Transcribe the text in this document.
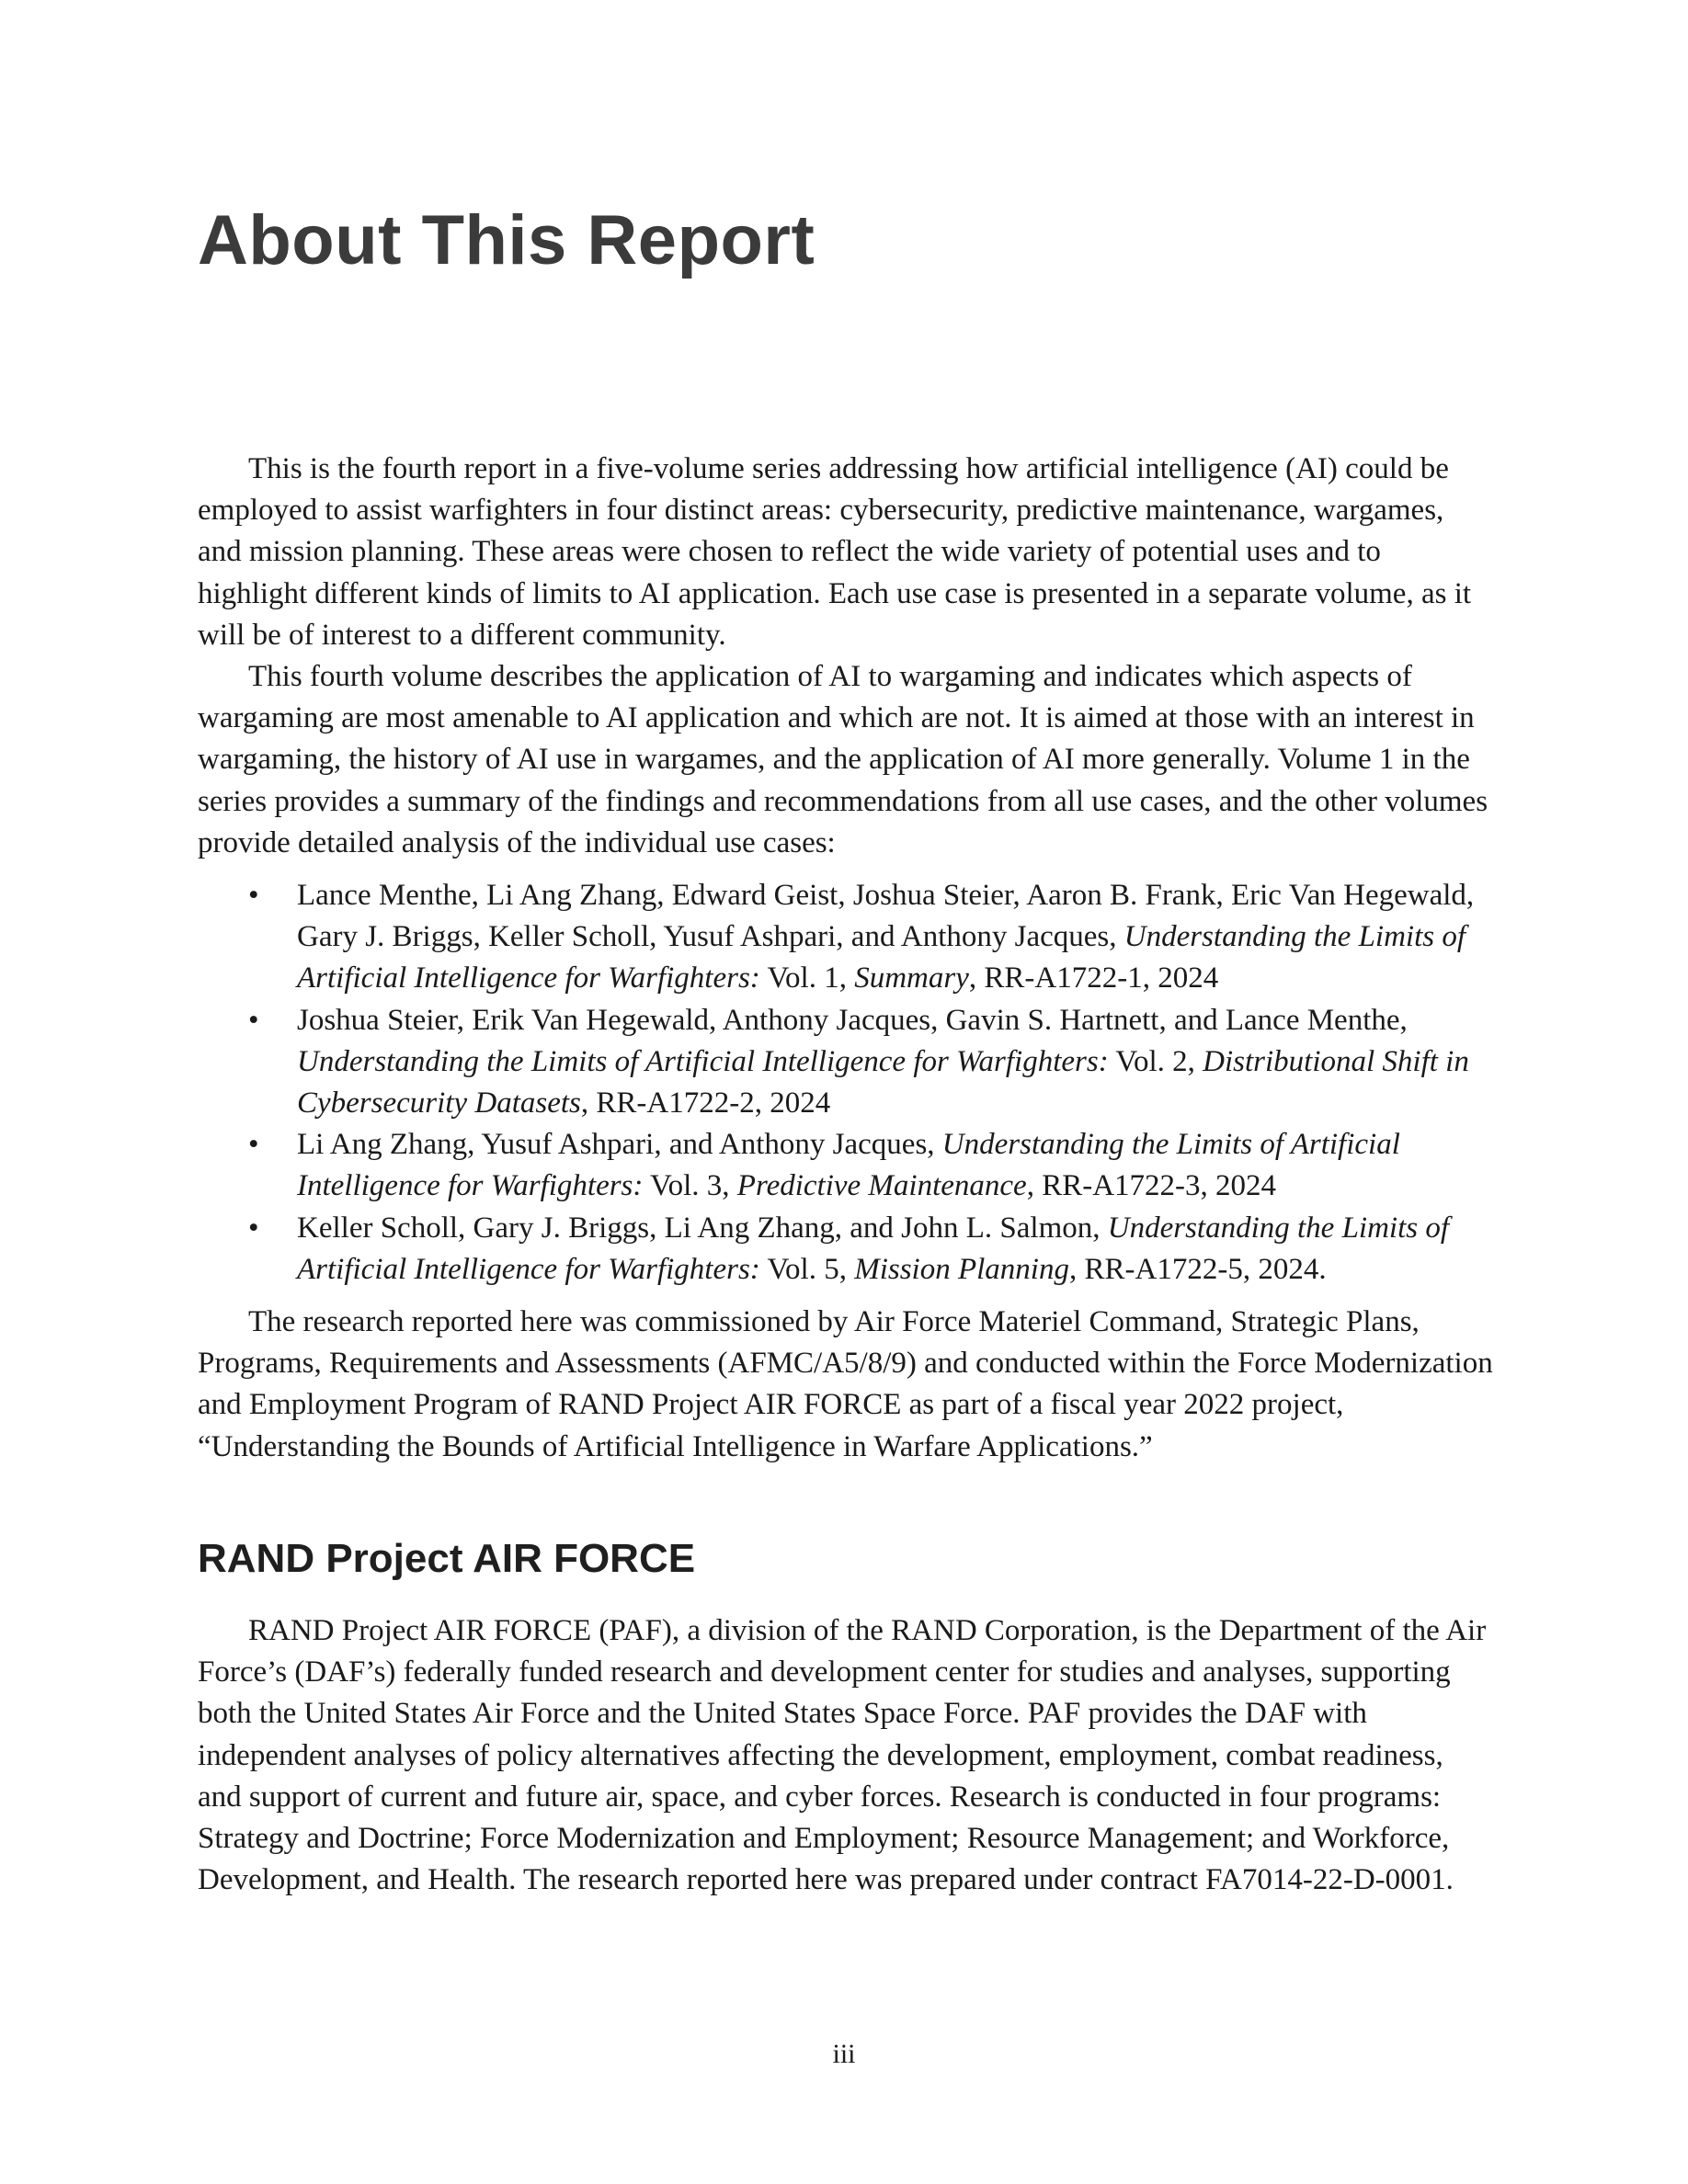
About This Report

This is the fourth report in a five-volume series addressing how artificial intelligence (AI) could be employed to assist warfighters in four distinct areas: cybersecurity, predictive maintenance, wargames, and mission planning. These areas were chosen to reflect the wide variety of potential uses and to highlight different kinds of limits to AI application. Each use case is presented in a separate volume, as it will be of interest to a different community.

This fourth volume describes the application of AI to wargaming and indicates which aspects of wargaming are most amenable to AI application and which are not. It is aimed at those with an interest in wargaming, the history of AI use in wargames, and the application of AI more generally. Volume 1 in the series provides a summary of the findings and recommendations from all use cases, and the other volumes provide detailed analysis of the individual use cases:

• Lance Menthe, Li Ang Zhang, Edward Geist, Joshua Steier, Aaron B. Frank, Eric Van Hegewald, Gary J. Briggs, Keller Scholl, Yusuf Ashpari, and Anthony Jacques, Understanding the Limits of Artificial Intelligence for Warfighters: Vol. 1, Summary, RR-A1722-1, 2024
• Joshua Steier, Erik Van Hegewald, Anthony Jacques, Gavin S. Hartnett, and Lance Menthe, Understanding the Limits of Artificial Intelligence for Warfighters: Vol. 2, Distributional Shift in Cybersecurity Datasets, RR-A1722-2, 2024
• Li Ang Zhang, Yusuf Ashpari, and Anthony Jacques, Understanding the Limits of Artificial Intelligence for Warfighters: Vol. 3, Predictive Maintenance, RR-A1722-3, 2024
• Keller Scholl, Gary J. Briggs, Li Ang Zhang, and John L. Salmon, Understanding the Limits of Artificial Intelligence for Warfighters: Vol. 5, Mission Planning, RR-A1722-5, 2024.

The research reported here was commissioned by Air Force Materiel Command, Strategic Plans, Programs, Requirements and Assessments (AFMC/A5/8/9) and conducted within the Force Modernization and Employment Program of RAND Project AIR FORCE as part of a fiscal year 2022 project, “Understanding the Bounds of Artificial Intelligence in Warfare Applications.”

RAND Project AIR FORCE

RAND Project AIR FORCE (PAF), a division of the RAND Corporation, is the Department of the Air Force’s (DAF’s) federally funded research and development center for studies and analyses, supporting both the United States Air Force and the United States Space Force. PAF provides the DAF with independent analyses of policy alternatives affecting the development, employment, combat readiness, and support of current and future air, space, and cyber forces. Research is conducted in four programs: Strategy and Doctrine; Force Modernization and Employment; Resource Management; and Workforce, Development, and Health. The research reported here was prepared under contract FA7014-22-D-0001.

iii
